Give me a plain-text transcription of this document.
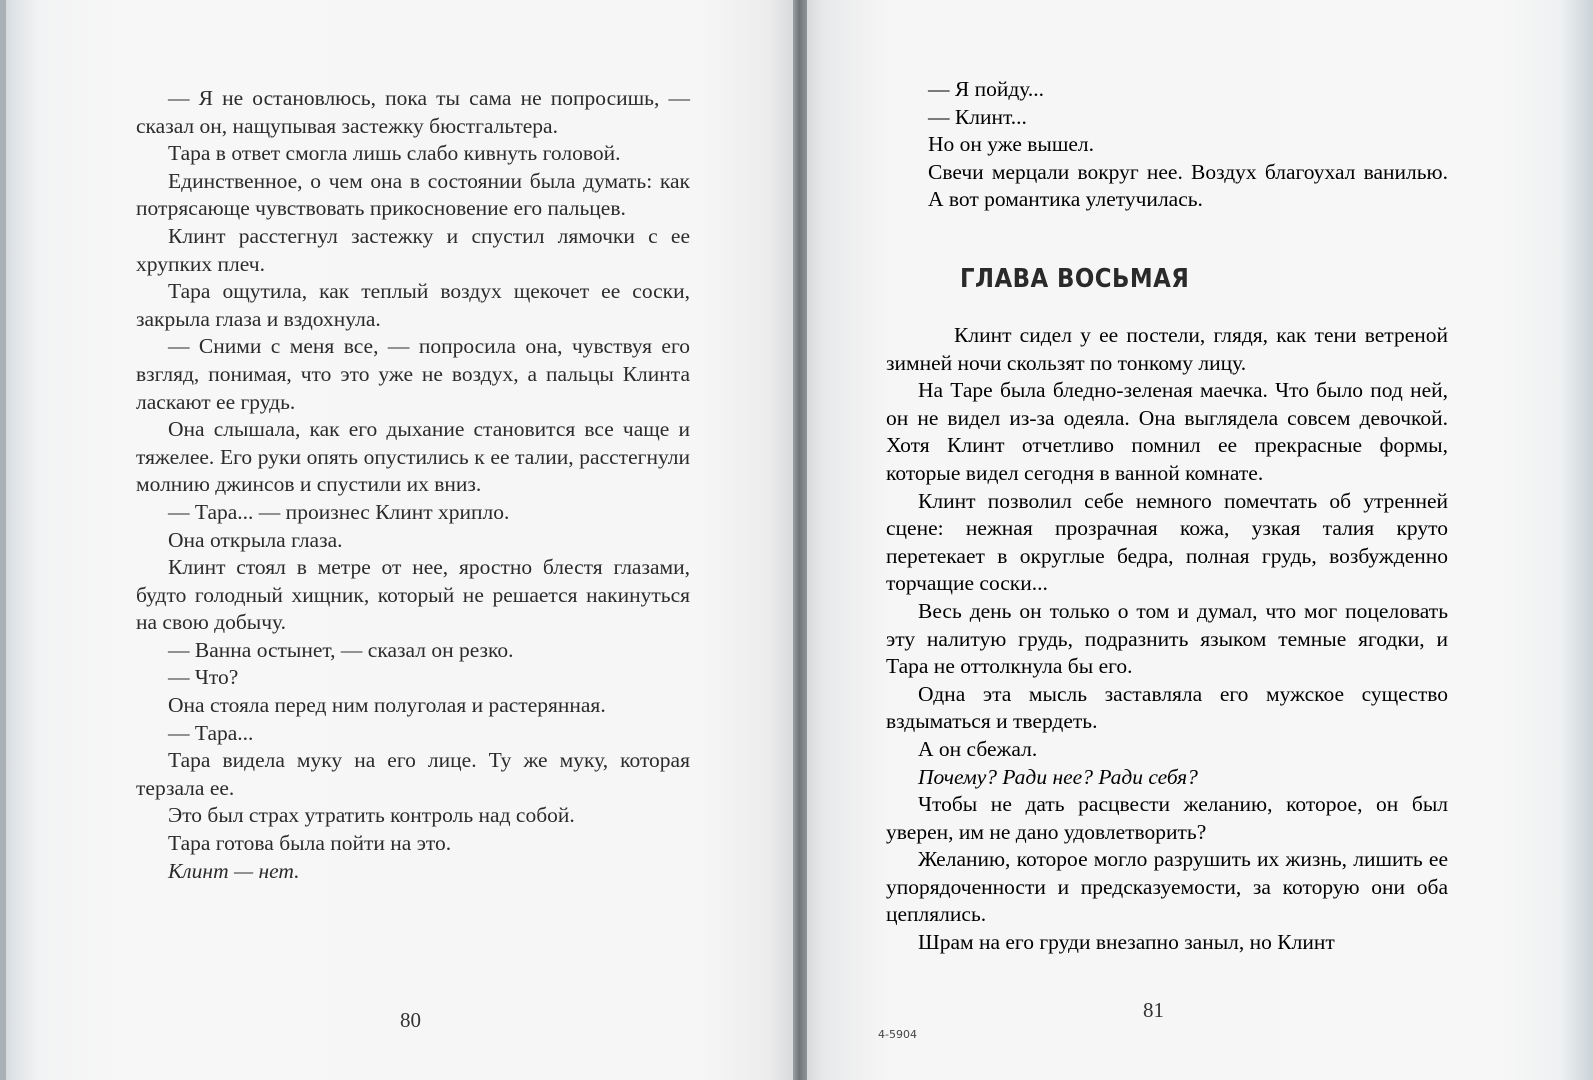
— Я не остановлюсь, пока ты сама не попросишь, — сказал он, нащупывая застежку бюстгальтера.

Тара в ответ смогла лишь слабо кивнуть головой.

Единственное, о чем она в состоянии была думать: как потрясающе чувствовать прикосновение его пальцев.

Клинт расстегнул застежку и спустил лямочки с ее хрупких плеч.

Тара ощутила, как теплый воздух щекочет ее соски, закрыла глаза и вздохнула.

— Сними с меня все, — попросила она, чувствуя его взгляд, понимая, что это уже не воздух, а пальцы Клинта ласкают ее грудь.

Она слышала, как его дыхание становится все чаще и тяжелее. Его руки опять опустились к ее талии, расстегнули молнию джинсов и спустили их вниз.

— Тара... — произнес Клинт хрипло.

Она открыла глаза.

Клинт стоял в метре от нее, яростно блестя глазами, будто голодный хищник, который не решается накинуться на свою добычу.

— Ванна остынет, — сказал он резко.

— Что?

Она стояла перед ним полуголая и растерянная.

— Тара...

Тара видела муку на его лице. Ту же муку, которая терзала ее.

Это был страх утратить контроль над собой.

Тара готова была пойти на это.

Клинт — нет.

80	81
4-5904

— Я пойду...

— Клинт...

Но он уже вышел.

Свечи мерцали вокруг нее. Воздух благоухал ванилью. А вот романтика улетучилась.

ГЛАВА ВОСЬМАЯ

Клинт сидел у ее постели, глядя, как тени ветреной зимней ночи скользят по тонкому лицу.

На Таре была бледно-зеленая маечка. Что было под ней, он не видел из-за одеяла. Она выглядела совсем девочкой. Хотя Клинт отчетливо помнил ее прекрасные формы, которые видел сегодня в ванной комнате.

Клинт позволил себе немного помечтать об утренней сцене: нежная прозрачная кожа, узкая талия круто перетекает в округлые бедра, полная грудь, возбужденно торчащие соски...

Весь день он только о том и думал, что мог поцеловать эту налитую грудь, подразнить языком темные ягодки, и Тара не оттолкнула бы его.

Одна эта мысль заставляла его мужское существо вздыматься и твердеть.

А он сбежал.

Почему? Ради нее? Ради себя?

Чтобы не дать расцвести желанию, которое, он был уверен, им не дано удовлетворить?

Желанию, которое могло разрушить их жизнь, лишить ее упорядоченности и предсказуемости, за которую они оба цеплялись.

Шрам на его груди внезапно заныл, но Клинт
